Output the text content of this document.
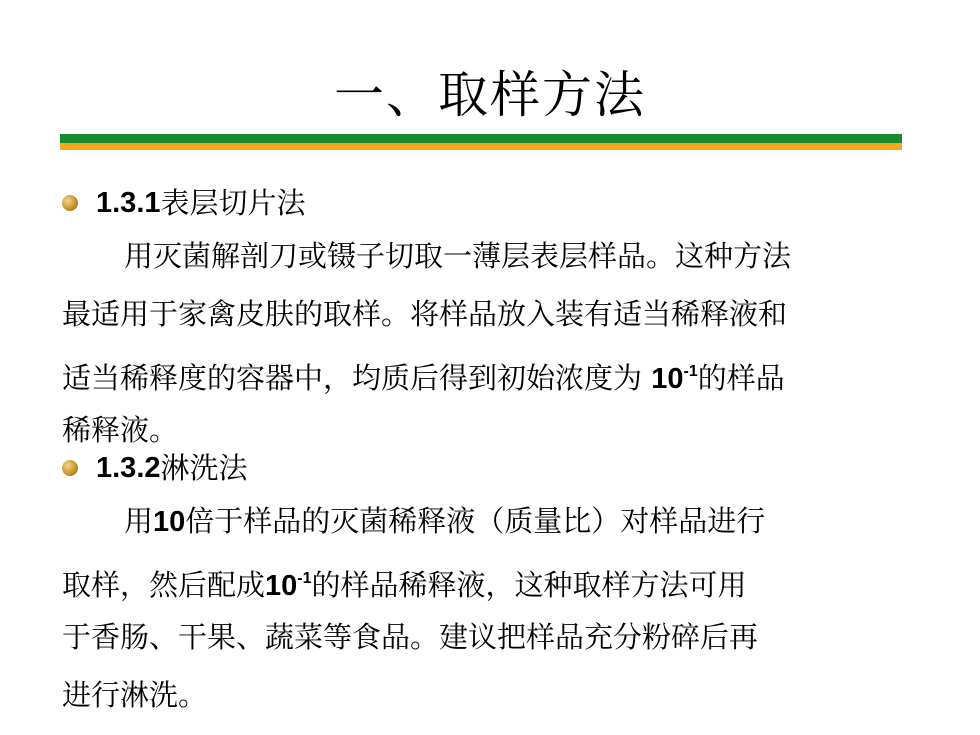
一、取样方法
1.3.1 表层切片法
用灭菌解剖刀或镊子切取一薄层表层样品。这种方法
最适用于家禽皮肤的取样。将样品放入装有适当稀释液和
适当稀释度的容器中，均质后得到初始浓度为 $10^{-1}$的样品
稀释液。
1.3.2 淋洗法
用10倍于样品的灭菌稀释液（质量比）对样品进行
取样，然后配成$10^{-1}$的样品稀释液，这种取样方法可用
于香肠、干果、蔬菜等食品。建议把样品充分粉碎后再
进行淋洗。
